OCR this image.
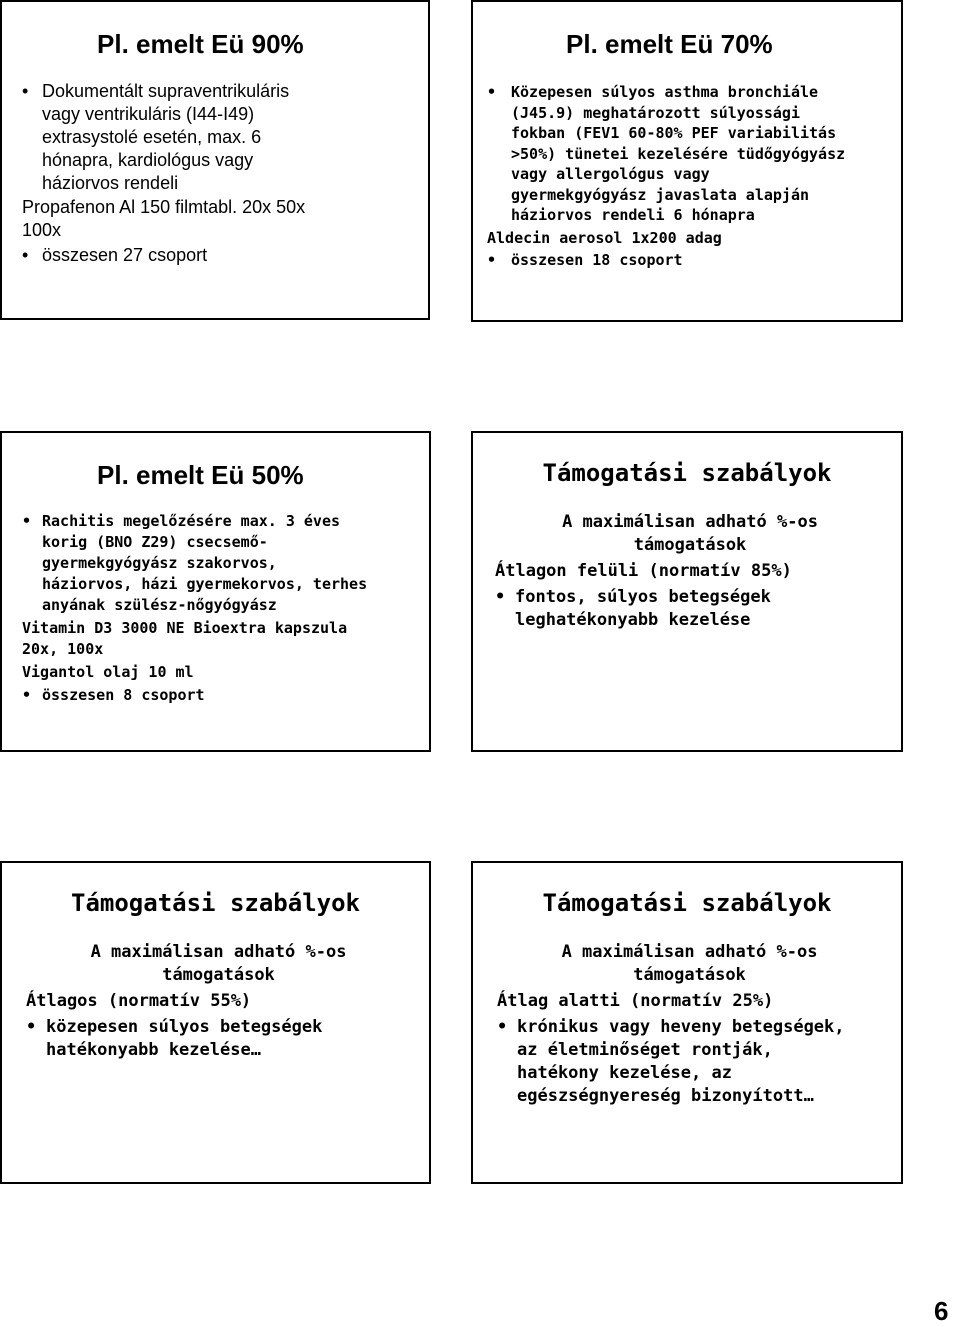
Pl. emelt Eü 90%

• Dokumentált supraventrikuláris

vagy ventrikuláris (I44-I49)

extrasystolé esetén, max. 6

hónapra, kardiológus vagy

háziorvos rendeli

Propafenon Al 150 filmtabl. 20x 50x

100x

• összesen 27 csoport

Pl. emelt Eü 70%

• Közepesen súlyos asthma bronchiále

(J45.9) meghatározott súlyossági

fokban (FEV1 60-80% PEF variabilitás

>50%) tünetei kezelésére tüdőgyógyász

vagy allergológus vagy

gyermekgyógyász javaslata alapján

háziorvos rendeli 6 hónapra

Aldecin aerosol 1x200 adag

• összesen 18 csoport

Pl. emelt Eü 50%

• Rachitis megelőzésére max. 3 éves

korig (BNO Z29) csecsemő-

gyermekgyógyász szakorvos,

háziorvos, házi gyermekorvos, terhes

anyának szülész-nőgyógyász

Vitamin D3 3000 NE Bioextra kapszula

20x, 100x

Vigantol olaj 10 ml

• összesen 8 csoport

Támogatási szabályok

A maximálisan adható %-os

támogatások

Átlagon felüli (normatív 85%)

• fontos, súlyos betegségek

leghatékonyabb kezelése

Támogatási szabályok

A maximálisan adható %-os

támogatások

Átlagos (normatív 55%)

• közepesen súlyos betegségek

hatékonyabb kezelése…

Támogatási szabályok

A maximálisan adható %-os

támogatások

Átlag alatti (normatív 25%)

• krónikus vagy heveny betegségek,

az életminőséget rontják,

hatékony kezelése, az

egészségnyereség bizonyított…

6
